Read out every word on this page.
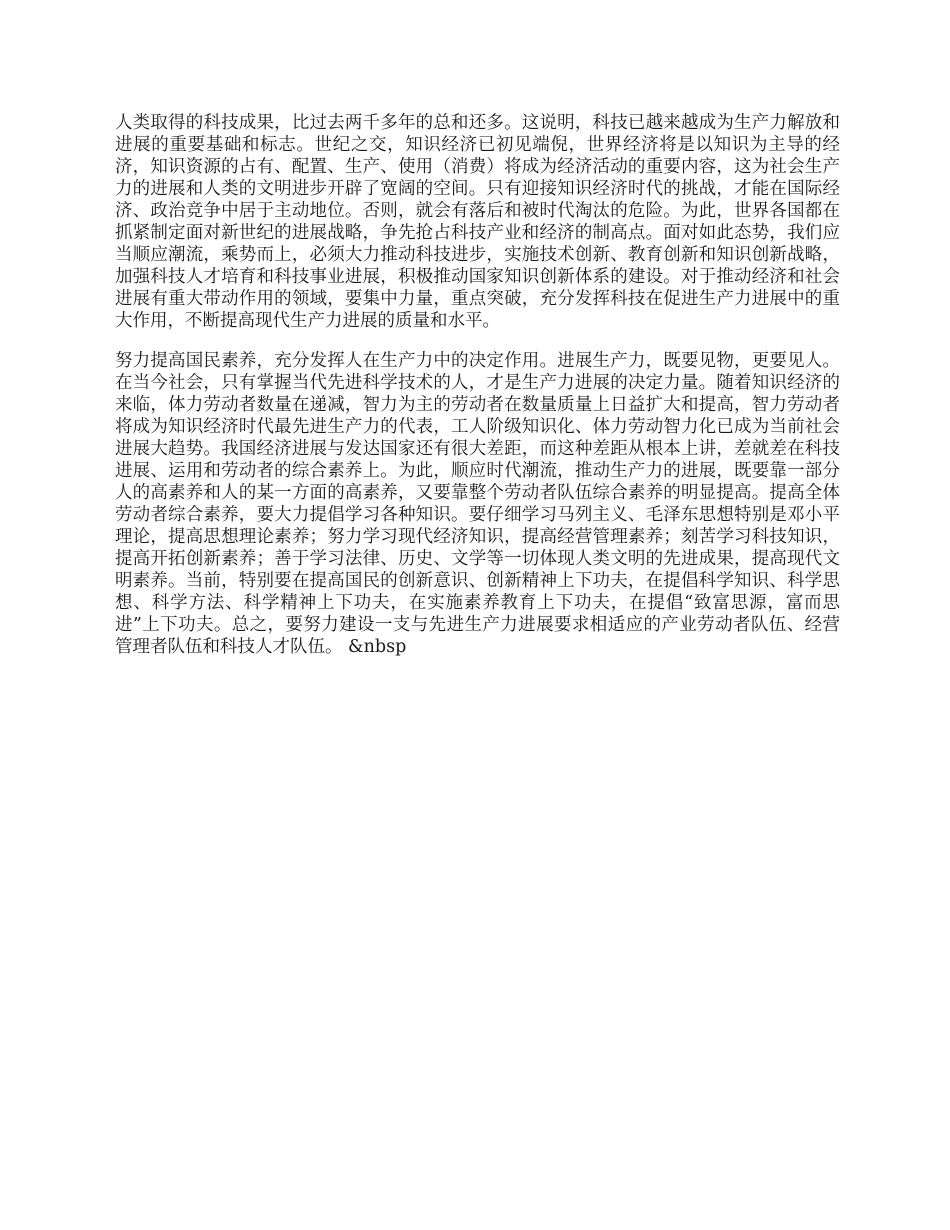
人类取得的科技成果，比过去两千多年的总和还多。这说明，科技已越来越成为生产力解放和进展的重要基础和标志。世纪之交，知识经济已初见端倪，世界经济将是以知识为主导的经济，知识资源的占有、配置、生产、使用（消费）将成为经济活动的重要内容，这为社会生产力的进展和人类的文明进步开辟了宽阔的空间。只有迎接知识经济时代的挑战，才能在国际经济、政治竞争中居于主动地位。否则，就会有落后和被时代淘汰的危险。为此，世界各国都在抓紧制定面对新世纪的进展战略，争先抢占科技产业和经济的制高点。面对如此态势，我们应当顺应潮流，乘势而上，必须大力推动科技进步，实施技术创新、教育创新和知识创新战略，加强科技人才培育和科技事业进展，积极推动国家知识创新体系的建设。对于推动经济和社会进展有重大带动作用的领域，要集中力量，重点突破，充分发挥科技在促进生产力进展中的重大作用，不断提高现代生产力进展的质量和水平。

努力提高国民素养，充分发挥人在生产力中的决定作用。进展生产力，既要见物，更要见人。在当今社会，只有掌握当代先进科学技术的人，才是生产力进展的决定力量。随着知识经济的来临，体力劳动者数量在递减，智力为主的劳动者在数量质量上日益扩大和提高，智力劳动者将成为知识经济时代最先进生产力的代表，工人阶级知识化、体力劳动智力化已成为当前社会进展大趋势。我国经济进展与发达国家还有很大差距，而这种差距从根本上讲，差就差在科技进展、运用和劳动者的综合素养上。为此，顺应时代潮流，推动生产力的进展，既要靠一部分人的高素养和人的某一方面的高素养，又要靠整个劳动者队伍综合素养的明显提高。提高全体劳动者综合素养，要大力提倡学习各种知识。要仔细学习马列主义、毛泽东思想特别是邓小平理论，提高思想理论素养；努力学习现代经济知识，提高经营管理素养；刻苦学习科技知识，提高开拓创新素养；善于学习法律、历史、文学等一切体现人类文明的先进成果，提高现代文明素养。当前，特别要在提高国民的创新意识、创新精神上下功夫，在提倡科学知识、科学思想、科学方法、科学精神上下功夫，在实施素养教育上下功夫，在提倡“致富思源，富而思进”上下功夫。总之，要努力建设一支与先进生产力进展要求相适应的产业劳动者队伍、经营管理者队伍和科技人才队伍。 &nbsp
